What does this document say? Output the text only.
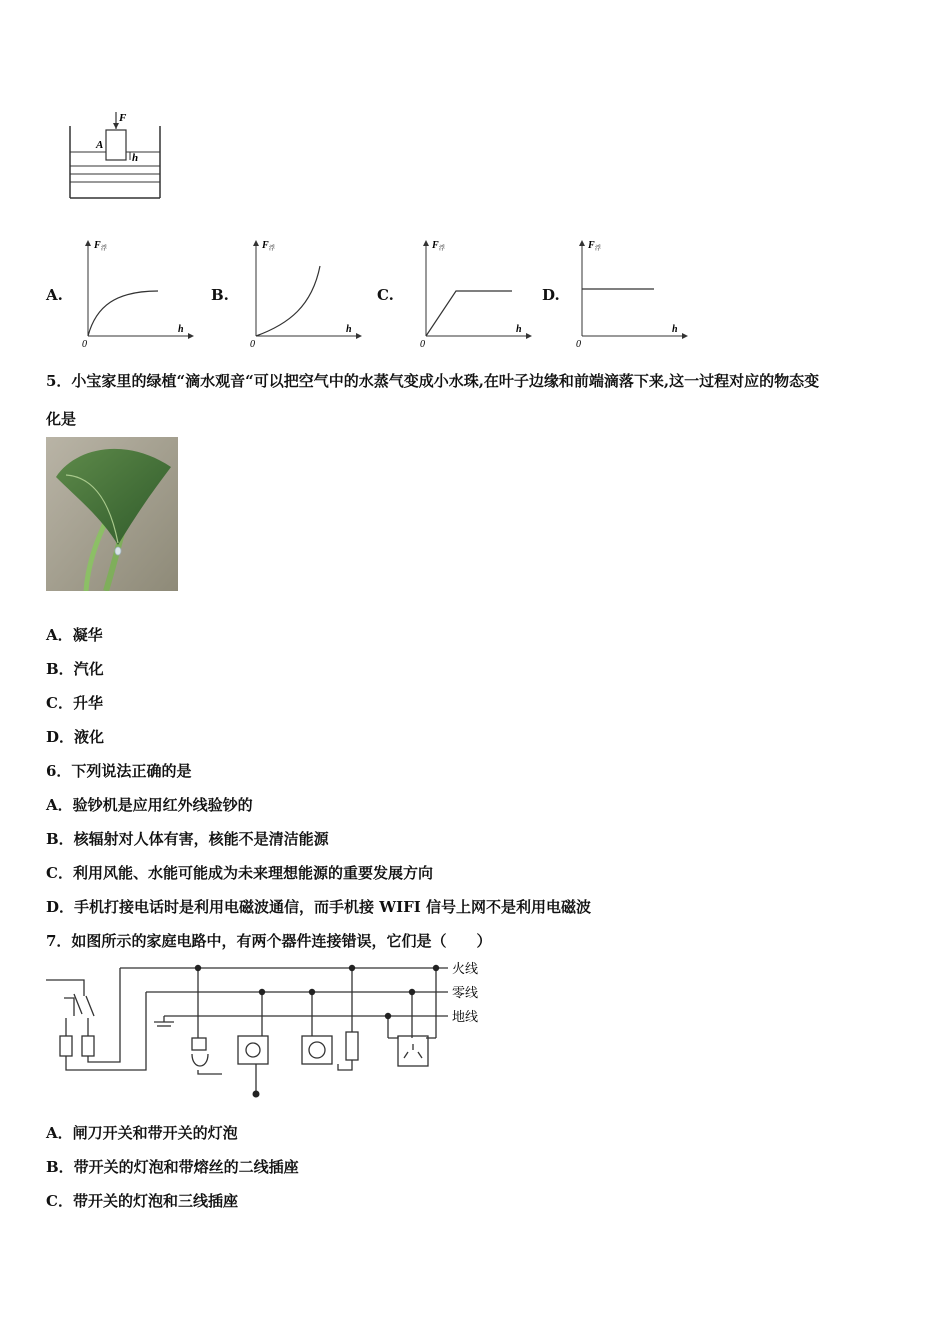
F
A
h
A.
F 浮
h
0
B.
F 浮
h
0
C.
F 浮
h
0
D.
F 浮
h
0
5．小宝家里的绿植“滴水观音“可以把空气中的水蒸气变成小水珠,在叶子边缘和前端滴落下来,这一过程对应的物态变
化是
A．凝华
B．汽化
C．升华
D．液化
6．下列说法正确的是
A．验钞机是应用红外线验钞的
B．核辐射对人体有害，核能不是清洁能源
C．利用风能、水能可能成为未来理想能源的重要发展方向
D．手机打接电话时是利用电磁波通信，而手机接 WIFI 信号上网不是利用电磁波
7．如图所示的家庭电路中，有两个器件连接错误，它们是（　　）
火线
零线
地线
A．闸刀开关和带开关的灯泡
B．带开关的灯泡和带熔丝的二线插座
C．带开关的灯泡和三线插座
